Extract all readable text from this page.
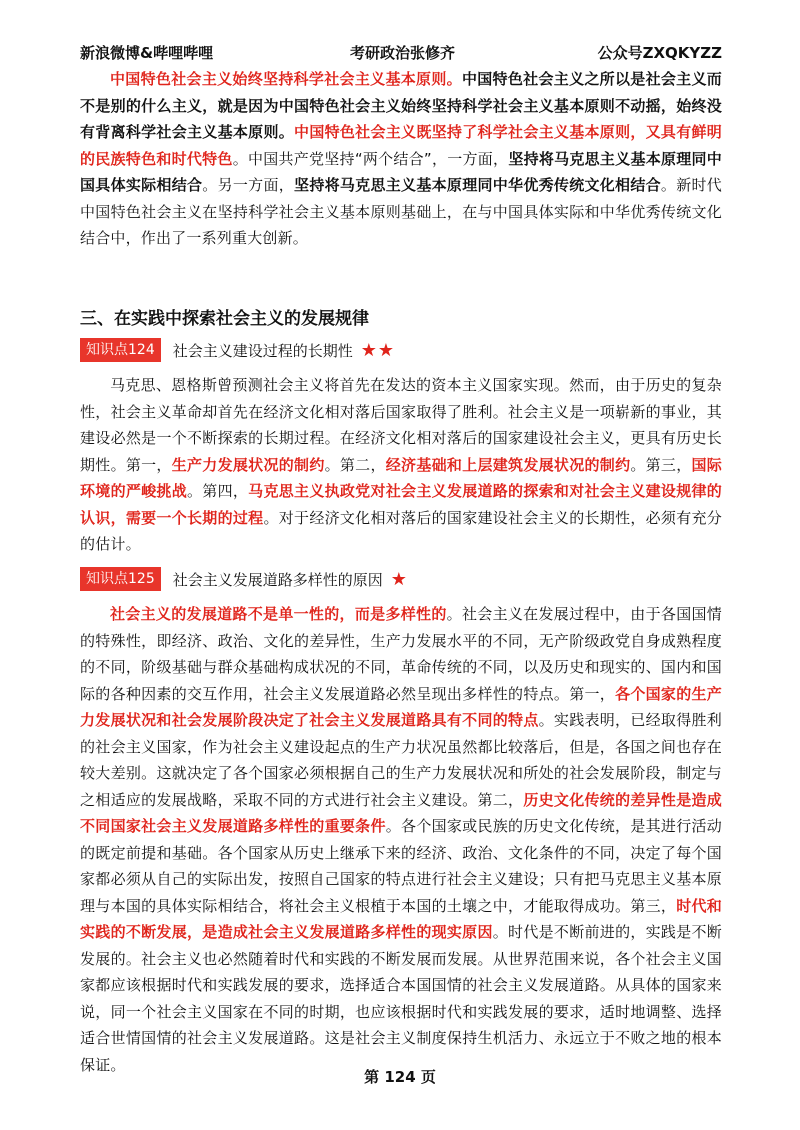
新浪微博&哔哩哔哩	考研政治张修齐	公众号ZXQKYZZ
中国特色社会主义始终坚持科学社会主义基本原则。中国特色社会主义之所以是社会主义而不是别的什么主义，就是因为中国特色社会主义始终坚持科学社会主义基本原则不动摇，始终没有背离科学社会主义基本原则。中国特色社会主义既坚持了科学社会主义基本原则，又具有鲜明的民族特色和时代特色。中国共产党坚持“两个结合”，一方面，坚持将马克思主义基本原理同中国具体实际相结合。另一方面，坚持将马克思主义基本原理同中华优秀传统文化相结合。新时代中国特色社会主义在坚持科学社会主义基本原则基础上，在与中国具体实际和中华优秀传统文化结合中，作出了一系列重大创新。
三、在实践中探索社会主义的发展规律
知识点124	社会主义建设过程的长期性 ★★
马克思、恩格斯曾预测社会主义将首先在发达的资本主义国家实现。然而，由于历史的复杂性，社会主义革命却首先在经济文化相对落后国家取得了胜利。社会主义是一项崭新的事业，其建设必然是一个不断探索的长期过程。在经济文化相对落后的国家建设社会主义，更具有历史长期性。第一，生产力发展状况的制约。第二，经济基础和上层建筑发展状况的制约。第三，国际环境的严峻挑战。第四，马克思主义执政党对社会主义发展道路的探索和对社会主义建设规律的认识，需要一个长期的过程。对于经济文化相对落后的国家建设社会主义的长期性，必须有充分的估计。
知识点125	社会主义发展道路多样性的原因 ★
社会主义的发展道路不是单一性的，而是多样性的。社会主义在发展过程中，由于各国国情的特殊性，即经济、政治、文化的差异性，生产力发展水平的不同，无产阶级政党自身成熟程度的不同，阶级基础与群众基础构成状况的不同，革命传统的不同，以及历史和现实的、国内和国际的各种因素的交互作用，社会主义发展道路必然呈现出多样性的特点。第一，各个国家的生产力发展状况和社会发展阶段决定了社会主义发展道路具有不同的特点。实践表明，已经取得胜利的社会主义国家，作为社会主义建设起点的生产力状况虽然都比较落后，但是，各国之间也存在较大差别。这就决定了各个国家必须根据自己的生产力发展状况和所处的社会发展阶段，制定与之相适应的发展战略，采取不同的方式进行社会主义建设。第二，历史文化传统的差异性是造成不同国家社会主义发展道路多样性的重要条件。各个国家或民族的历史文化传统，是其进行活动的既定前提和基础。各个国家从历史上继承下来的经济、政治、文化条件的不同，决定了每个国家都必须从自己的实际出发，按照自己国家的特点进行社会主义建设；只有把马克思主义基本原理与本国的具体实际相结合，将社会主义根植于本国的土壤之中，才能取得成功。第三，时代和实践的不断发展，是造成社会主义发展道路多样性的现实原因。时代是不断前进的，实践是不断发展的。社会主义也必然随着时代和实践的不断发展而发展。从世界范围来说，各个社会主义国家都应该根据时代和实践发展的要求，选择适合本国国情的社会主义发展道路。从具体的国家来说，同一个社会主义国家在不同的时期，也应该根据时代和实践发展的要求，适时地调整、选择适合世情国情的社会主义发展道路。这是社会主义制度保持生机活力、永远立于不败之地的根本保证。
第 124 页
